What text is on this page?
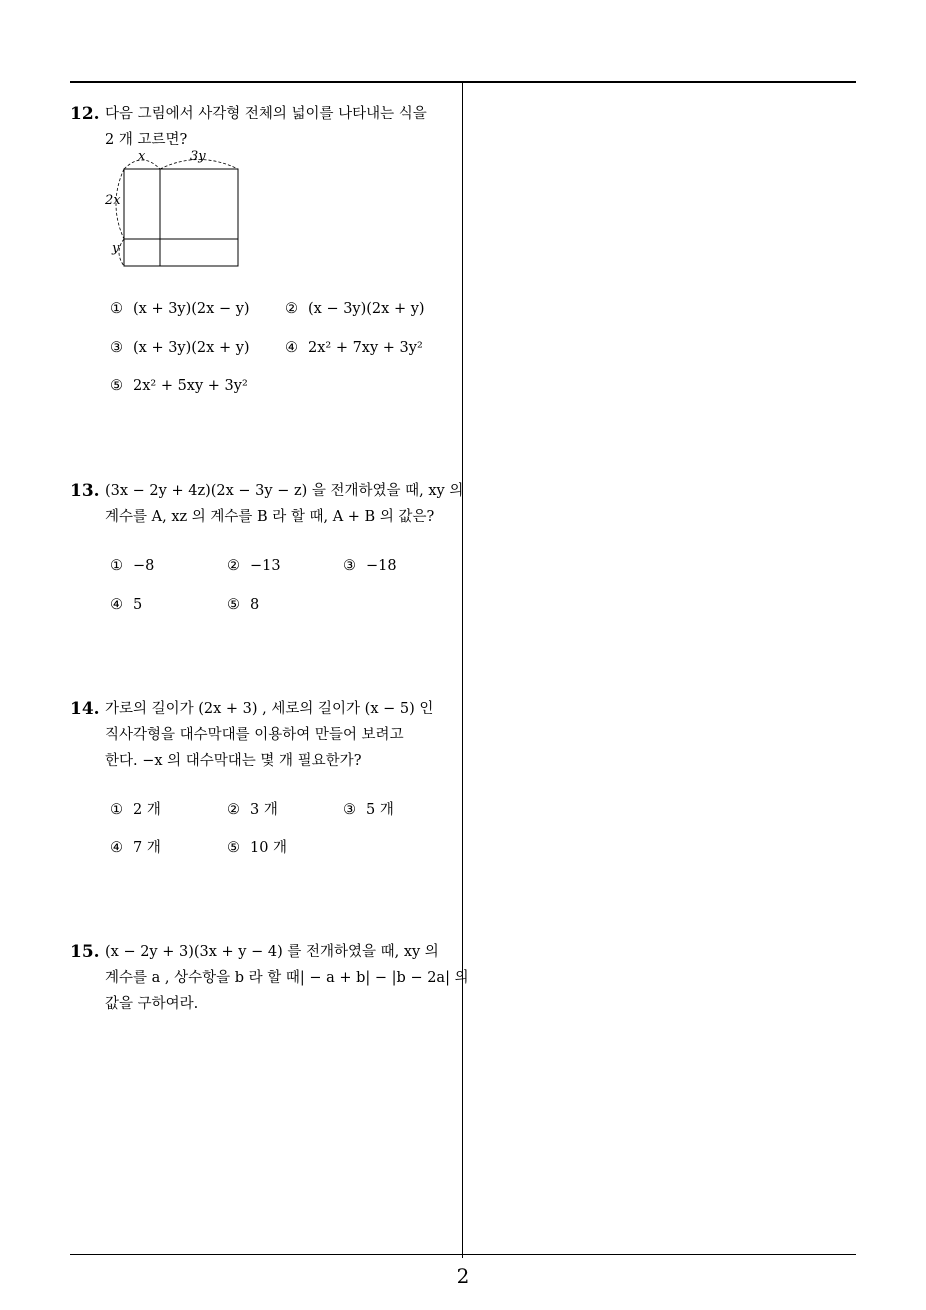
12. 다음 그림에서 사각형 전체의 넓이를 나타내는 식을
2 개 고르면?
x	3y
2x
y
① (x + 3y)(2x − y) ② (x − 3y)(2x + y)
③ (x + 3y)(2x + y) ④ 2x² + 7xy + 3y²
⑤ 2x² + 5xy + 3y²
13. (3x − 2y + 4z)(2x − 3y − z) 을 전개하였을 때, xy 의
계수를 A, xz 의 계수를 B 라 할 때, A + B 의 값은?
① −8	② −13	③ −18
④ 5	⑤ 8
14. 가로의 길이가 (2x + 3) , 세로의 길이가 (x − 5) 인
직사각형을 대수막대를 이용하여 만들어 보려고
한다. −x 의 대수막대는 몇 개 필요한가?
① 2 개	② 3 개	③ 5 개
④ 7 개	⑤ 10 개
15. (x − 2y + 3)(3x + y − 4) 를 전개하였을 때, xy 의
계수를 a , 상수항을 b 라 할 때| − a + b| − |b − 2a| 의
값을 구하여라.
2
